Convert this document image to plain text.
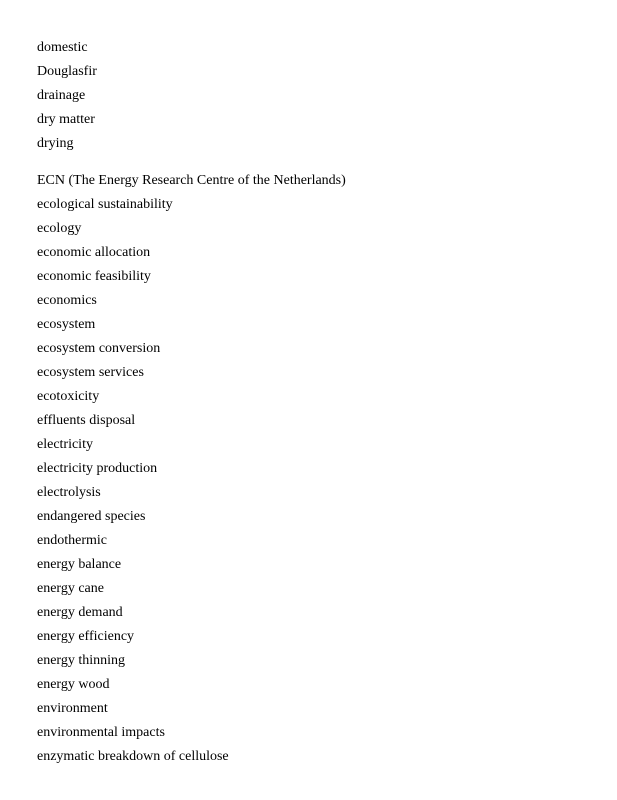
domestic
Douglasfir
drainage
dry matter
drying
ECN (The Energy Research Centre of the Netherlands)
ecological sustainability
ecology
economic allocation
economic feasibility
economics
ecosystem
ecosystem conversion
ecosystem services
ecotoxicity
effluents disposal
electricity
electricity production
electrolysis
endangered species
endothermic
energy balance
energy cane
energy demand
energy efficiency
energy thinning
energy wood
environment
environmental impacts
enzymatic breakdown of cellulose
